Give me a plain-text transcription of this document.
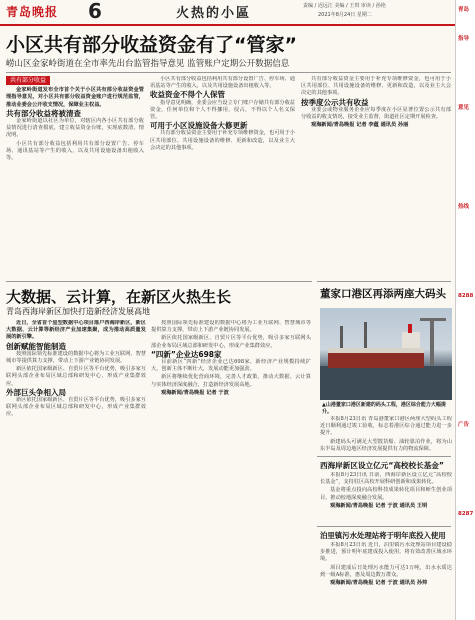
青岛晚报 6	火热的小區	责编 / 迟远江 美编 / 王琪 审读 / 孙艳
2021年8月24日 星期二
小区共有部分收益资金有了“管家”
崂山区金家岭街道在全市率先出台监管指导意见 监管账户定期公开数据信息
共有部分收益

金家岭街道发布全市首个关于小区共有部分收益资金管理指导意见，对小区共有部分收益资金账户进行规范监管，推动业委会公开收支情况，保障业主权益。

共有部分收益将被清查

金家岭街道以社区为单位，对辖区内各小区共有部分收益情况进行清查摸底，建立收益资金台账，实现底数清、情况明。

小区共有部分收益包括利用共有部分设置广告、停车场、通讯基站等产生的收入，以及共用设施设备出租收入等。

小区共有部分收益包括利用共有部分设置广告、停车场、通讯基站等产生的收入，以及共用设施设备出租收入等。

收益资金不得个人保管

指导意见明确，业委会应当设立专门账户存储共有部分收益资金，任何单位和个人不得挪用、侵占，不得以个人名义保管。

可用于小区设施设备大修更新

共有部分收益资金主要用于补充专项维修资金，也可用于小区共用部位、共用设施设备的维修、更新和改造，以及业主大会决定的其他事项。

共有部分收益资金主要用于补充专项维修资金，也可用于小区共用部位、共用设施设备的维修、更新和改造，以及业主大会决定的其他事项。

按季度公示共有收益

业委会或物业服务企业应每季度在小区显著位置公示共有部分收益的收支情况，接受业主监督，街道社区定期开展检查。

观海新闻/青岛晚报 记者 李蕴 通讯员 孙丽

大数据、云计算，在新区火热生长
青岛西海岸新区加快打造新经济发展高地

近日，全省首个星型数据中心项目落户西海岸新区，新区大数据、云计算等新经济产业加速集聚，成为推动高质量发展的新引擎。

创新赋能智能制造

按照国际领先标准建设的数据中心将为工业互联网、智慧城市等提供算力支撑，带动上下游产业链协同发展。

新区依托国家级新区、自贸片区等平台优势，吸引多家互联网头部企业布局区域总部和研发中心，形成产业集群效应。

外部巨头争相入局

新区依托国家级新区、自贸片区等平台优势，吸引多家互联网头部企业布局区域总部和研发中心，形成产业集群效应。

按照国际领先标准建设的数据中心将为工业互联网、智慧城市等提供算力支撑，带动上下游产业链协同发展。

新区依托国家级新区、自贸片区等平台优势，吸引多家互联网头部企业布局区域总部和研发中心，形成产业集群效应。

“四新”企业达698家

目前新区“四新”经济企业已达698家，新经济产业规模持续扩大，创新主体不断壮大，发展动能更加强劲。

新区将继续优化营商环境，完善人才政策，推动大数据、云计算与实体经济深度融合，打造新经济发展高地。

观海新闻/青岛晚报 记者 于波

董家口港区再添两座大码头
▲山港董家口港区新建的码头工程，港区综合能力大幅提升。

本报8月23日讯 青岛港董家口港区两座大型码头工程近日顺利通过竣工验收，标志着港区综合通过能力进一步提升。

新建码头可满足大型散货船、油轮靠泊作业，将为山东半岛及周边地区经济发展提供有力的物流保障。

西海岸新区设立亿元“高校校长基金”

本报8月23日讯 日前，西海岸新区设立亿元“高校校长基金”，支持驻区高校开展科研创新和成果转化。

基金将重点投向高校科技成果转化项目和师生创业项目，推动校地深度融合发展。

观海新闻/青岛晚报 记者 于波 通讯员 王明

泊里镇污水处理站将于明年底投入使用

本报8月23日讯 近日，泊里镇污水处理站项目建设稳步推进，预计明年底建成投入使用，将有效改善区域水环境。

项目建成后日处理污水能力可达1万吨，出水水质达到一级A标准，惠及周边数万群众。

观海新闻/青岛晚报 记者 于波 通讯员 孙帅

青岛
指导
意见
热线
8288
广告
8287
